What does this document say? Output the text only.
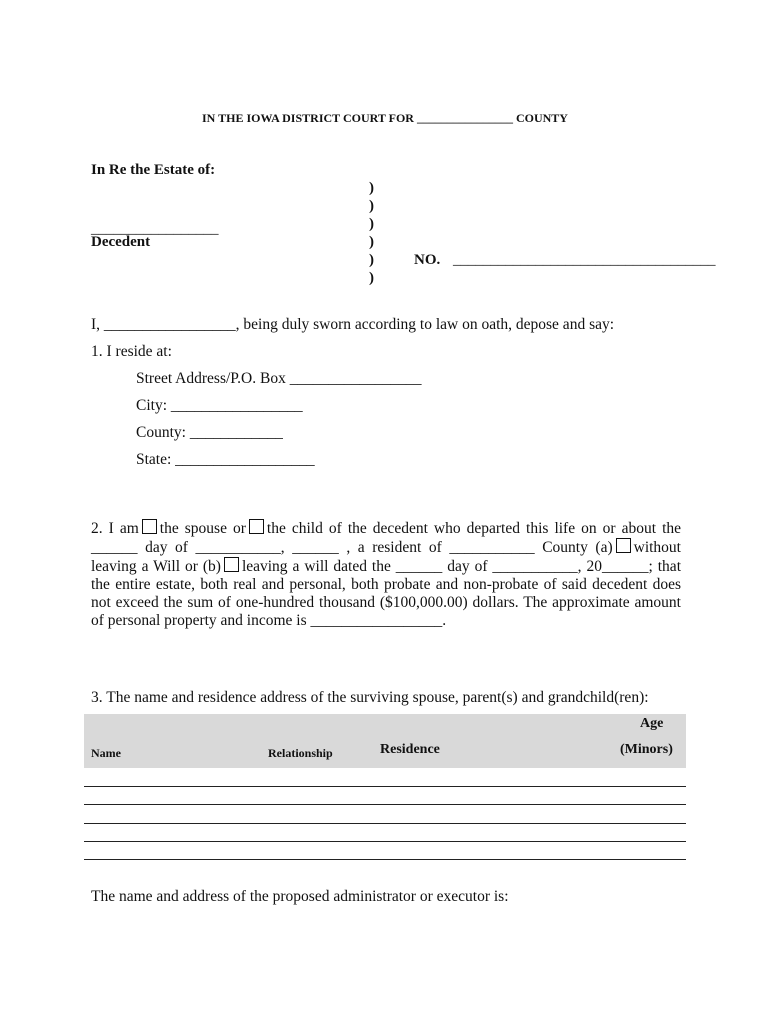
IN THE IOWA DISTRICT COURT FOR ________________ COUNTY
In Re the Estate of:
_________________
Decedent
)
)
)
)
)
)
NO. ___________________________________
I, _________________, being duly sworn according to law on oath, depose and say:
1. I reside at:
Street Address/P.O. Box _________________
City: _________________
County: ____________
State: __________________
2. I am the spouse or the child of the decedent who departed this life on or about the ______ day of ___________, ______ , a resident of ___________ County (a) without leaving a Will or (b) leaving a will dated the ______ day of ___________, 20______; that the entire estate, both real and personal, both probate and non-probate of said decedent does not exceed the sum of one-hundred thousand ($100,000.00) dollars. The approximate amount of personal property and income is _________________.
3. The name and residence address of the surviving spouse, parent(s) and grandchild(ren):
Name	Relationship	Residence
Age
(Minors)
The name and address of the proposed administrator or executor is:
